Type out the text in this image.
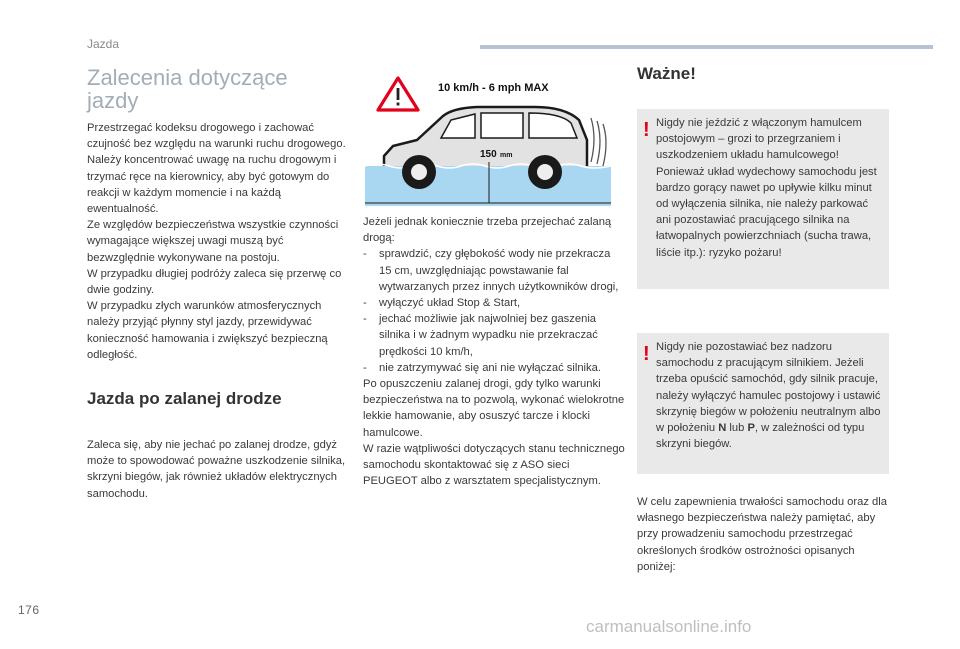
Jazda
Zalecenia dotyczące jazdy

Przestrzegać kodeksu drogowego i zachować czujność bez względu na warunki ruchu drogowego.

Należy koncentrować uwagę na ruchu drogowym i trzymać ręce na kierownicy, aby być gotowym do reakcji w każdym momencie i na każdą ewentualność.

Ze względów bezpieczeństwa wszystkie czynności wymagające większej uwagi muszą być bezwzględnie wykonywane na postoju.

W przypadku długiej podróży zaleca się przerwę co dwie godziny.

W przypadku złych warunków atmosferycznych należy przyjąć płynny styl jazdy, przewidywać konieczność hamowania i zwiększyć bezpieczną odległość.

Jazda po zalanej drodze

Zaleca się, aby nie jechać po zalanej drodze, gdyż może to spowodować poważne uszkodzenie silnika, skrzyni biegów, jak również układów elektrycznych samochodu.

10 km/h - 6 mph MAX
150 mm

Jeżeli jednak koniecznie trzeba przejechać zalaną drogą:

-	sprawdzić, czy głębokość wody nie przekracza 15 cm, uwzględniając powstawanie fal wytwarzanych przez innych użytkowników drogi,
-	wyłączyć układ Stop & Start,
-	jechać możliwie jak najwolniej bez gaszenia silnika i w żadnym wypadku nie przekraczać prędkości 10 km/h,
-	nie zatrzymywać się ani nie wyłączać silnika.

Po opuszczeniu zalanej drogi, gdy tylko warunki bezpieczeństwa na to pozwolą, wykonać wielokrotne lekkie hamowanie, aby osuszyć tarcze i klocki hamulcowe.

W razie wątpliwości dotyczących stanu technicznego samochodu skontaktować się z ASO sieci PEUGEOT albo z warsztatem specjalistycznym.

Ważne!
! Nigdy nie jeździć z włączonym hamulcem postojowym – grozi to przegrzaniem i uszkodzeniem układu hamulcowego! Ponieważ układ wydechowy samochodu jest bardzo gorący nawet po upływie kilku minut od wyłączenia silnika, nie należy parkować ani pozostawiać pracującego silnika na łatwopalnych powierzchniach (sucha trawa, liście itp.): ryzyko pożaru!
! Nigdy nie pozostawiać bez nadzoru samochodu z pracującym silnikiem. Jeżeli trzeba opuścić samochód, gdy silnik pracuje, należy wyłączyć hamulec postojowy i ustawić skrzynię biegów w położeniu neutralnym albo w położeniu N lub P, w zależności od typu skrzyni biegów.

W celu zapewnienia trwałości samochodu oraz dla własnego bezpieczeństwa należy pamiętać, aby przy prowadzeniu samochodu przestrzegać określonych środków ostrożności opisanych poniżej:

176
carmanualsonline.info
